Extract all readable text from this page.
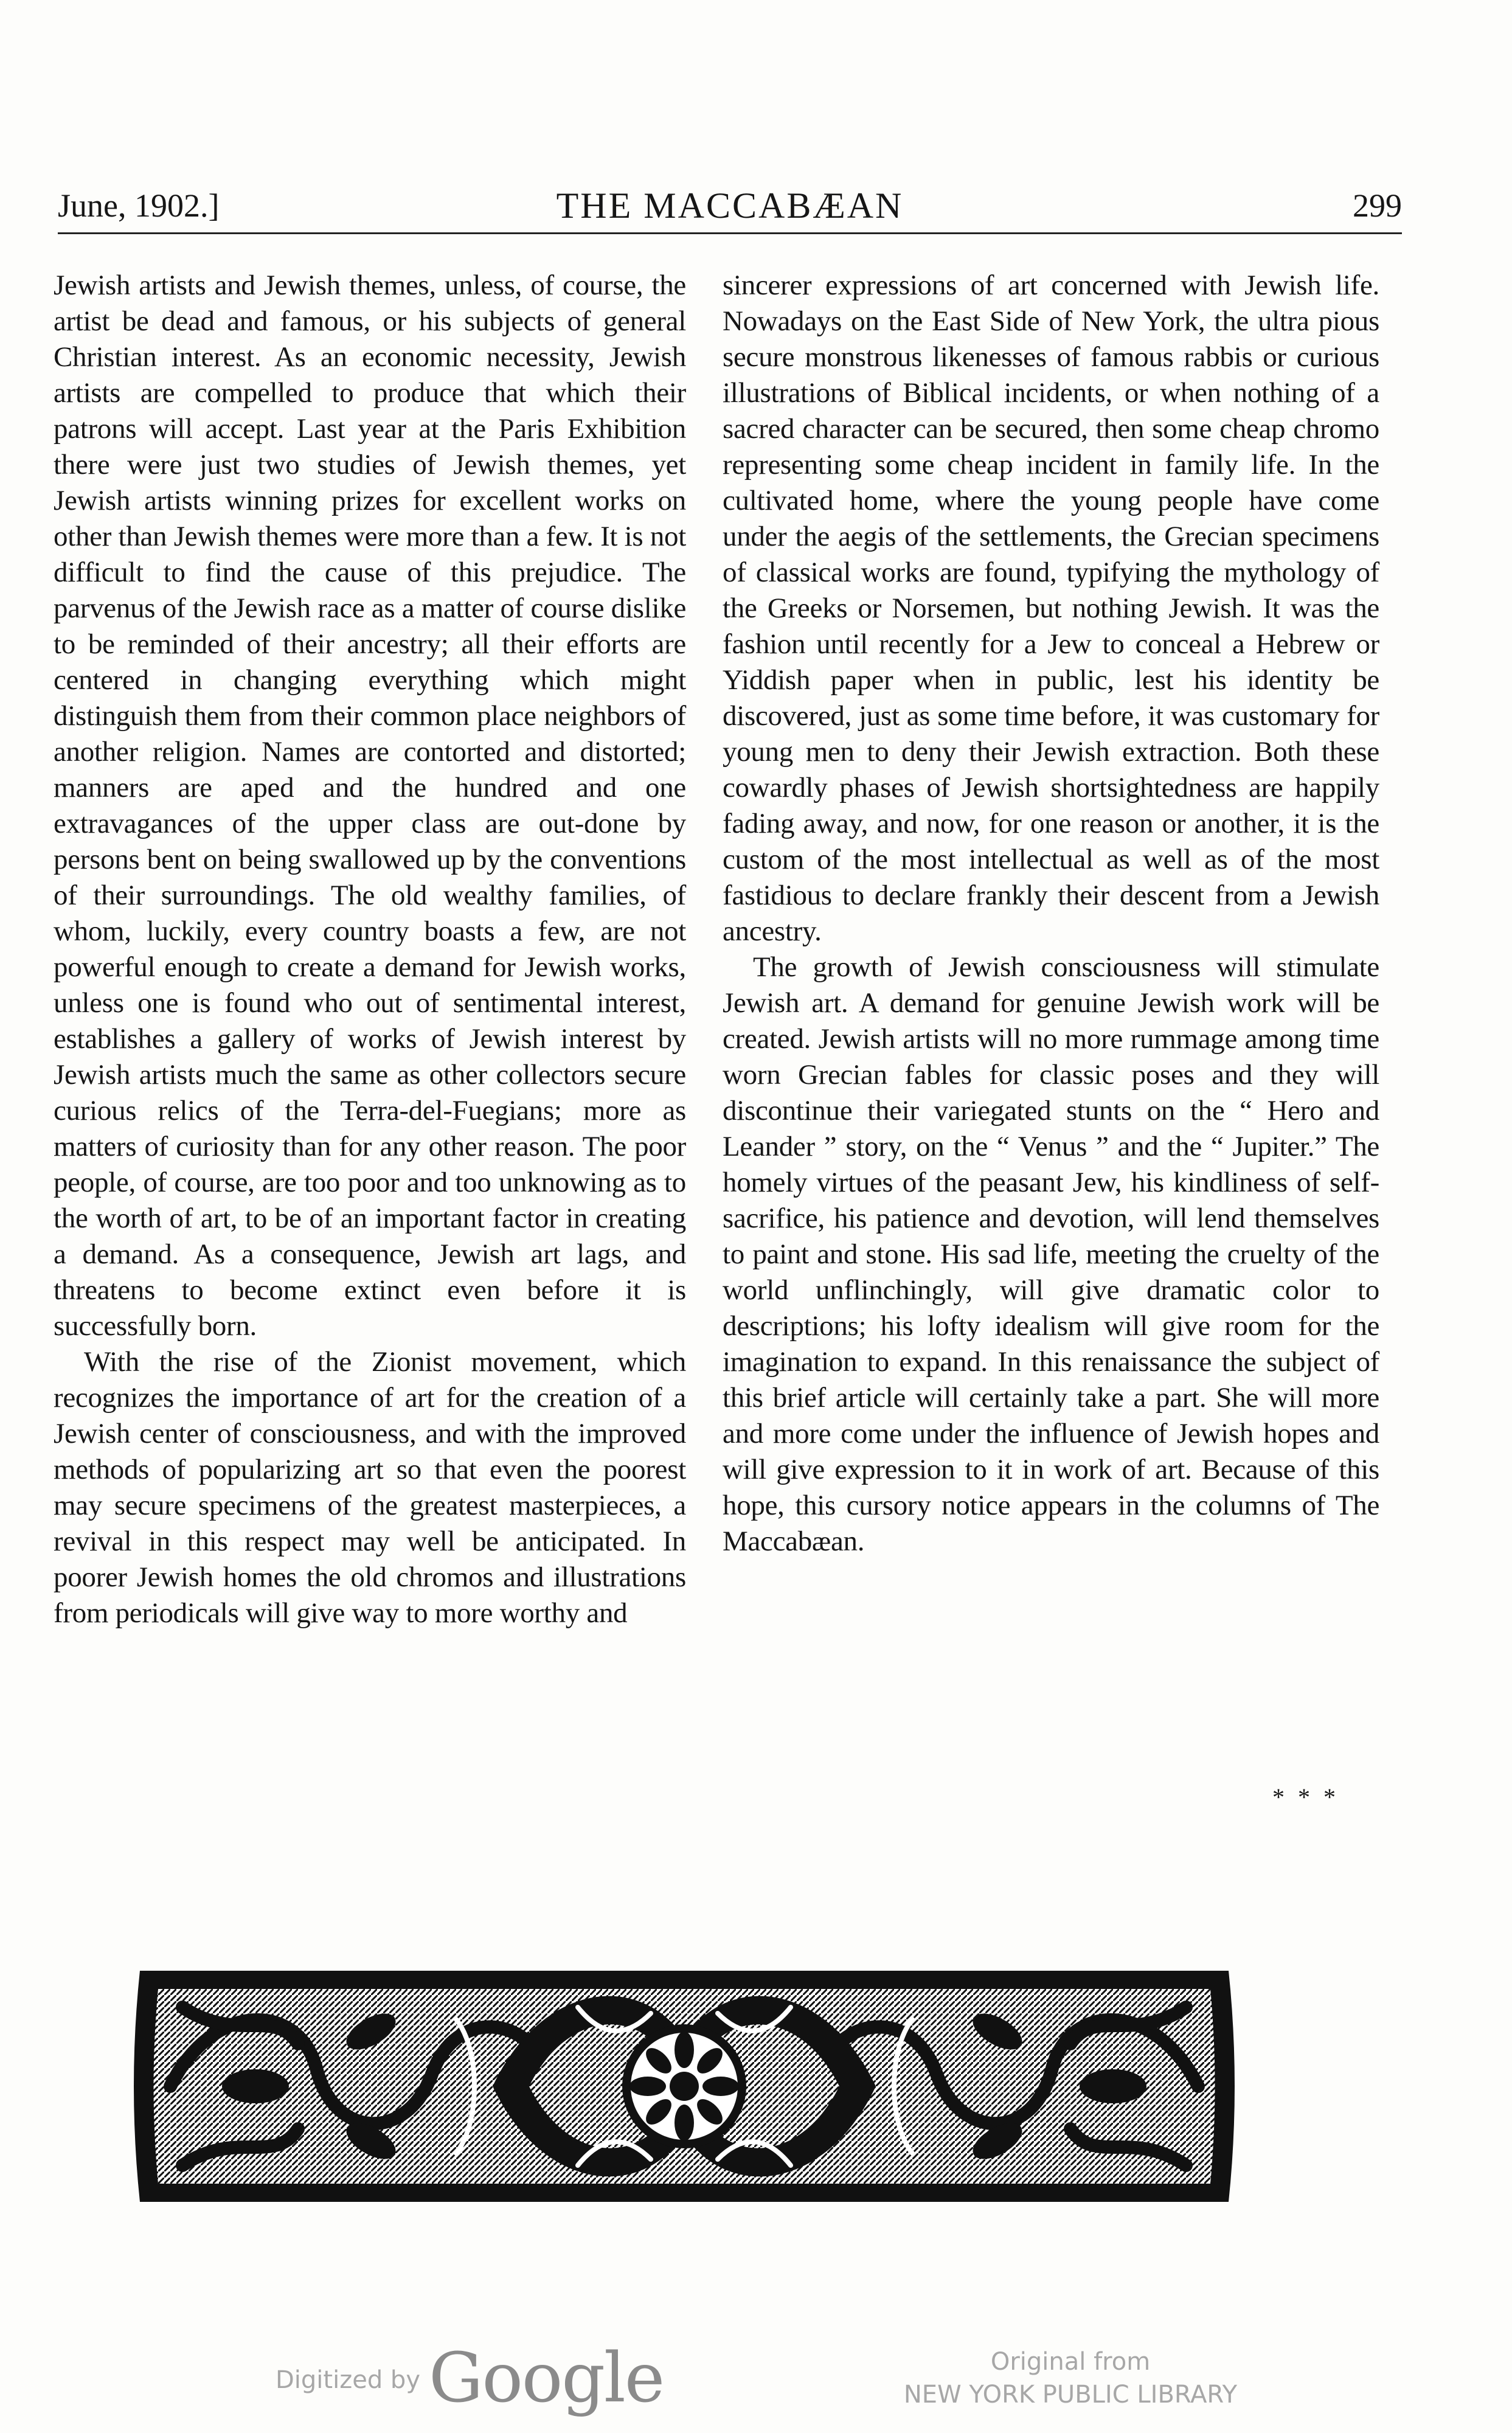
June, 1902.]	THE MACCABÆAN	299

Jewish artists and Jewish themes, unless, of course, the artist be dead and famous, or his subjects of general Christian interest. As an economic necessity, Jewish artists are compelled to produce that which their patrons will accept. Last year at the Paris Exhibition there were just two studies of Jewish themes, yet Jewish artists winning prizes for excellent works on other than Jewish themes were more than a few. It is not difficult to find the cause of this prejudice. The parvenus of the Jewish race as a matter of course dislike to be reminded of their ancestry; all their efforts are centered in changing everything which might distinguish them from their common place neighbors of another religion. Names are contorted and distorted; manners are aped and the hundred and one extravagances of the upper class are out-done by persons bent on being swallowed up by the conventions of their surroundings. The old wealthy families, of whom, luckily, every country boasts a few, are not powerful enough to create a demand for Jewish works, unless one is found who out of sentimental interest, establishes a gallery of works of Jewish interest by Jewish artists much the same as other collectors secure curious relics of the Terra-del-Fuegians; more as matters of curiosity than for any other reason. The poor people, of course, are too poor and too unknowing as to the worth of art, to be of an important factor in creating a demand. As a consequence, Jewish art lags, and threatens to become extinct even before it is successfully born.

With the rise of the Zionist movement, which recognizes the importance of art for the creation of a Jewish center of consciousness, and with the improved methods of popularizing art so that even the poorest may secure specimens of the greatest masterpieces, a revival in this respect may well be anticipated. In poorer Jewish homes the old chromos and illustrations from periodicals will give way to more worthy and

sincerer expressions of art concerned with Jewish life. Nowadays on the East Side of New York, the ultra pious secure monstrous likenesses of famous rabbis or curious illustrations of Biblical incidents, or when nothing of a sacred character can be secured, then some cheap chromo representing some cheap incident in family life. In the cultivated home, where the young people have come under the aegis of the settlements, the Grecian specimens of classical works are found, typifying the mythology of the Greeks or Norsemen, but nothing Jewish. It was the fashion until recently for a Jew to conceal a Hebrew or Yiddish paper when in public, lest his identity be discovered, just as some time before, it was customary for young men to deny their Jewish extraction. Both these cowardly phases of Jewish shortsightedness are happily fading away, and now, for one reason or another, it is the custom of the most intellectual as well as of the most fastidious to declare frankly their descent from a Jewish ancestry.

The growth of Jewish consciousness will stimulate Jewish art. A demand for genuine Jewish work will be created. Jewish artists will no more rummage among time worn Grecian fables for classic poses and they will discontinue their variegated stunts on the “ Hero and Leander ” story, on the “ Venus ” and the “ Jupiter.” The homely virtues of the peasant Jew, his kindliness of self-sacrifice, his patience and devotion, will lend themselves to paint and stone. His sad life, meeting the cruelty of the world unflinchingly, will give dramatic color to descriptions; his lofty idealism will give room for the imagination to expand. In this renaissance the subject of this brief article will certainly take a part. She will more and more come under the influence of Jewish hopes and will give expression to it in work of art. Because of this hope, this cursory notice appears in the columns of The Maccabæan.

* * *
Digitized by Google	Original from
NEW YORK PUBLIC LIBRARY
